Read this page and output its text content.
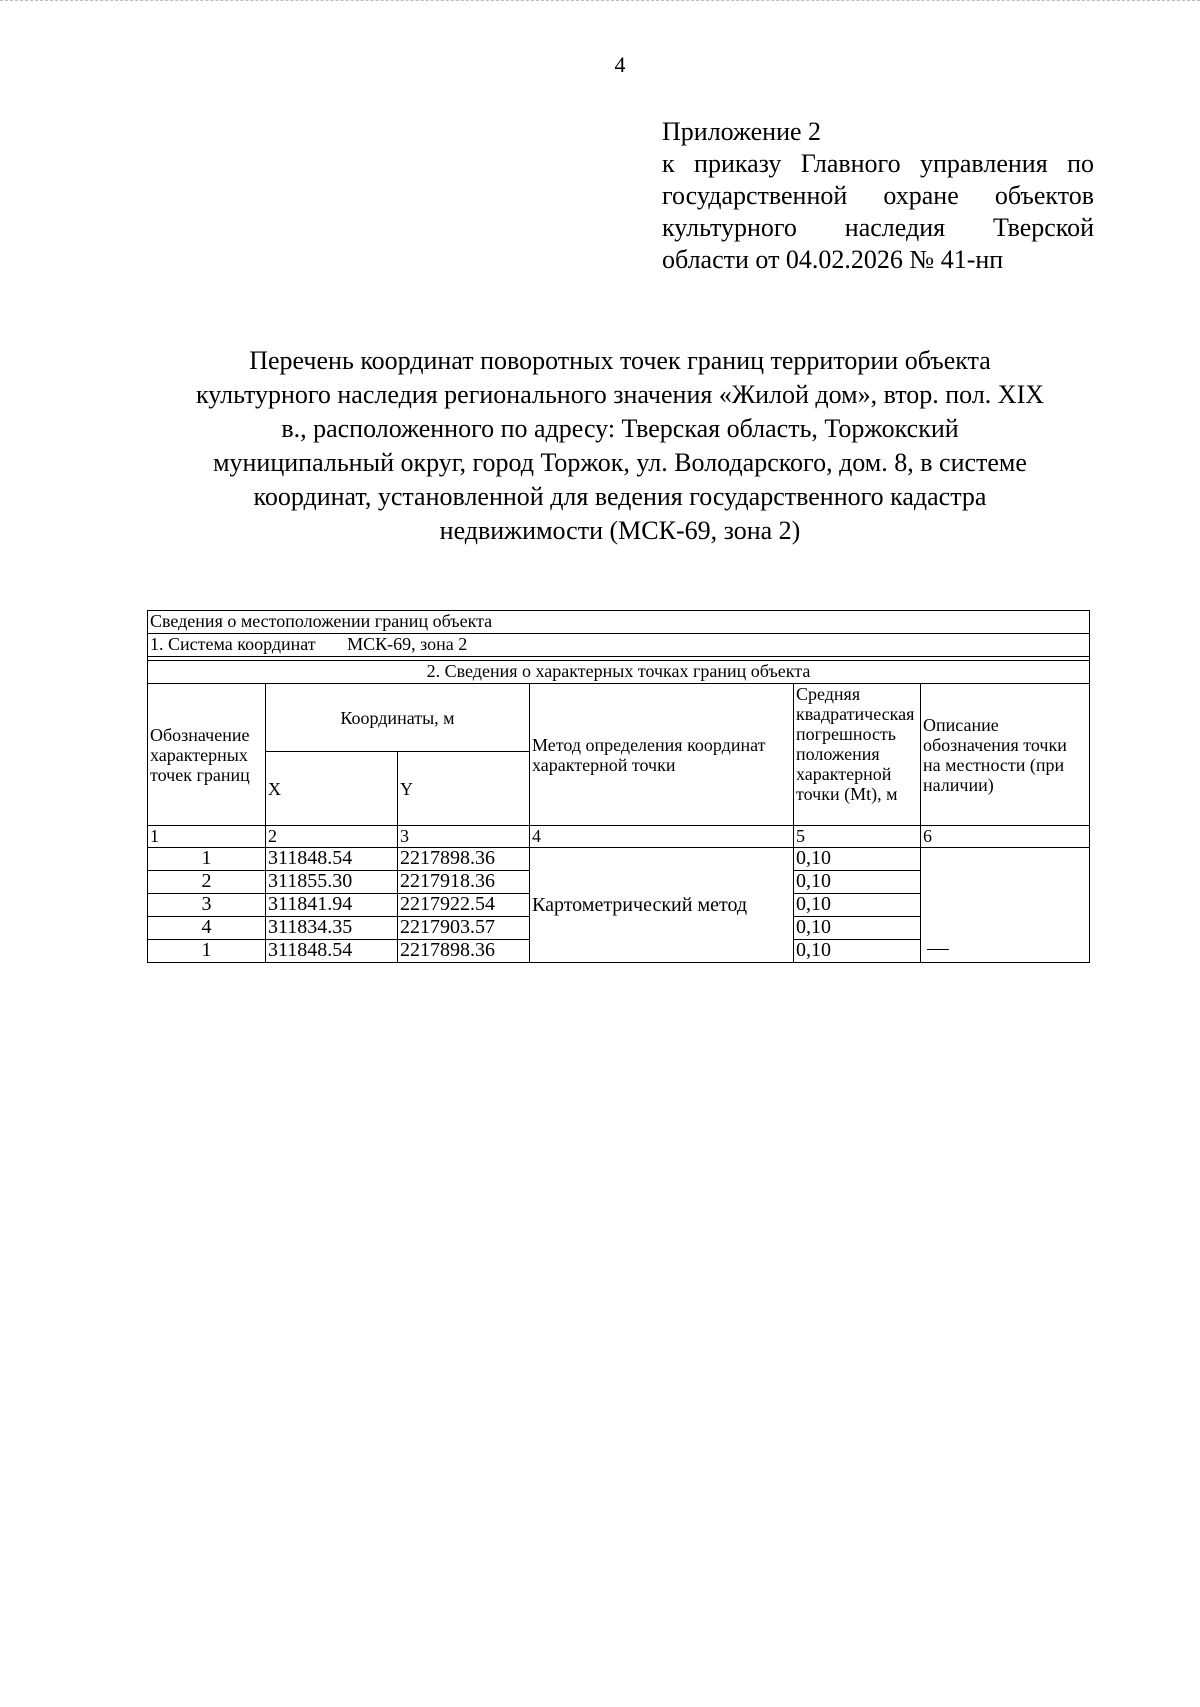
4
Приложение 2
к приказу Главного управления по
государственной охране объектов
культурного наследия Тверской
области от 04.02.2026 № 41-нп
Перечень координат поворотных точек границ территории объекта
культурного наследия регионального значения «Жилой дом», втор. пол. XIX
в., расположенного по адресу: Тверская область, Торжокский
муниципальный округ, город Торжок, ул. Володарского, дом. 8, в системе
координат, установленной для ведения государственного кадастра
недвижимости (МСК-69, зона 2)
Сведения о местоположении границ объекта					
1. Система координат МСК-69, зона 2					

2. Сведения о характерных точках границ объекта					
Обозначение характерных точек границ	Координаты, м		Метод определения координат характерной точки	Средняя квадратическая погрешность положения характерной точки (Mt), м	Описание обозначения точки на местности (при наличии)
	X	Y			
1	2	3	4	5	6
1	311848.54	2217898.36	Картометрический метод	0,10	
2	311855.30	2217918.36		0,10	
3	311841.94	2217922.54		0,10	
4	311834.35	2217903.57		0,10	
1	311848.54	2217898.36		0,10	
